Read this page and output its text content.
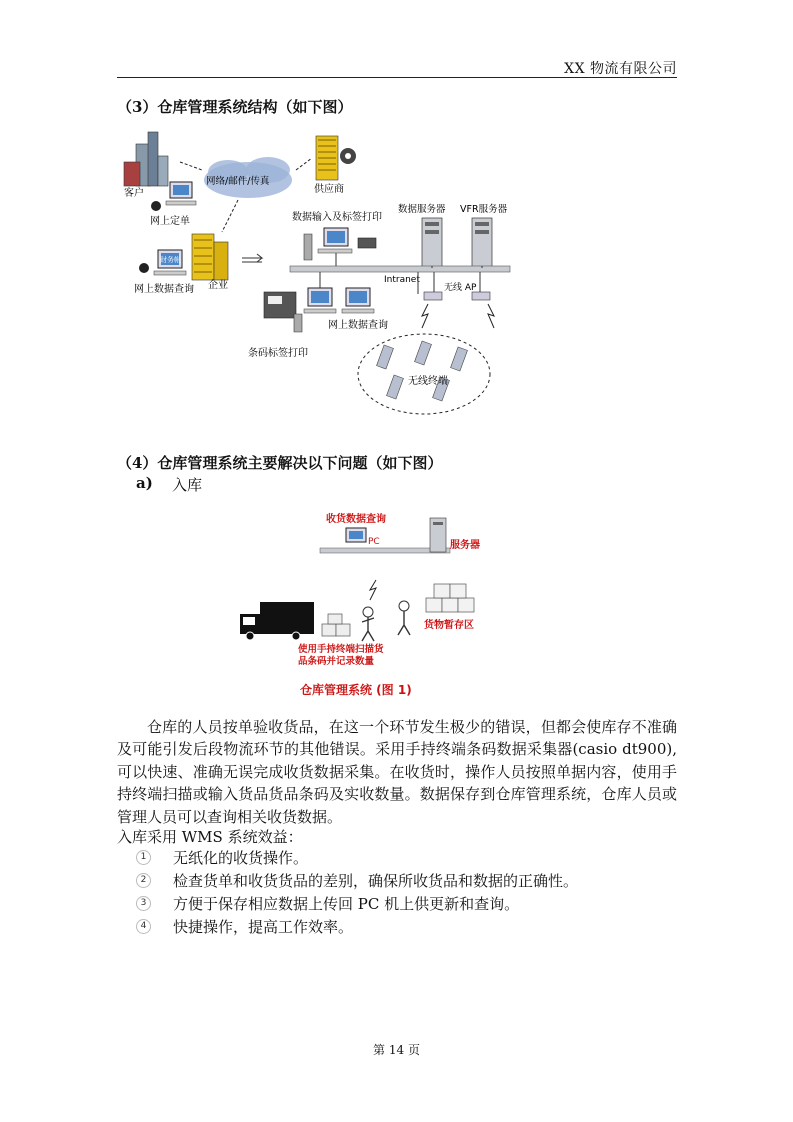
XX 物流有限公司
（3）仓库管理系统结构（如下图）
客户
网上定单
网络/邮件/传真
供应商
数据输入及标签打印
数据服务器 VFR服务器
Intranet
财务帐
网上数据查询 企业
条码标签打印
网上数据查询
无线 AP
无线终端
（4）仓库管理系统主要解决以下问题（如下图）
a) 入库
收货数据查询
PC	服务器
货物暂存区
使用手持终端扫描货
品条码并记录数量
仓库管理系统 (图 1)

仓库的人员按单验收货品，在这一个环节发生极少的错误，但都会使库存不准确及可能引发后段物流环节的其他错误。采用手持终端条码数据采集器(casio dt900),可以快速、准确无误完成收货数据采集。在收货时，操作人员按照单据内容，使用手持终端扫描或输入货品货品条码及实收数量。数据保存到仓库管理系统，仓库人员或管理人员可以查询相关收货数据。

入库采用 WMS 系统效益：
1	无纸化的收货操作。
2	检查货单和收货货品的差别，确保所收货品和数据的正确性。
3	方便于保存相应数据上传回 PC 机上供更新和查询。
4	快捷操作，提高工作效率。
第 14 页
